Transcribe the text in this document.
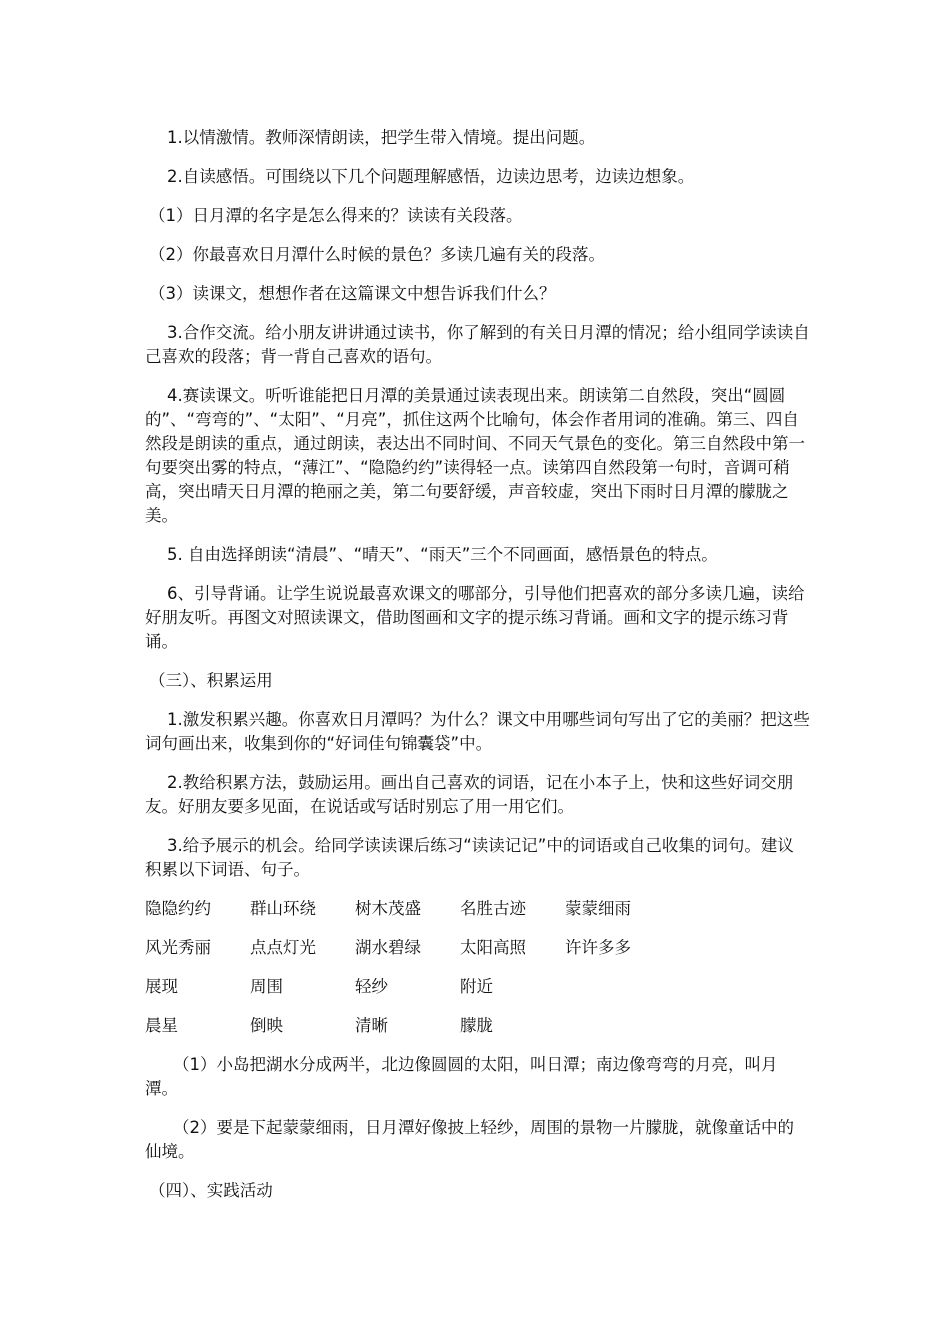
1.以情激情。教师深情朗读，把学生带入情境。提出问题。

2.自读感悟。可围绕以下几个问题理解感悟，边读边思考，边读边想象。

（1）日月潭的名字是怎么得来的？读读有关段落。

（2）你最喜欢日月潭什么时候的景色？多读几遍有关的段落。

（3）读课文，想想作者在这篇课文中想告诉我们什么？

3.合作交流。给小朋友讲讲通过读书，你了解到的有关日月潭的情况；给小组同学读读自己喜欢的段落；背一背自己喜欢的语句。

4.赛读课文。听听谁能把日月潭的美景通过读表现出来。朗读第二自然段，突出“圆圆的”、“弯弯的”、“太阳”、“月亮”，抓住这两个比喻句，体会作者用词的准确。第三、四自然段是朗读的重点，通过朗读，表达出不同时间、不同天气景色的变化。第三自然段中第一句要突出雾的特点，“薄江”、“隐隐约约”读得轻一点。读第四自然段第一句时，音调可稍高，突出晴天日月潭的艳丽之美，第二句要舒缓，声音较虚，突出下雨时日月潭的朦胧之美。

5. 自由选择朗读“清晨”、“晴天”、“雨天”三个不同画面，感悟景色的特点。

6、引导背诵。让学生说说最喜欢课文的哪部分，引导他们把喜欢的部分多读几遍，读给好朋友听。再图文对照读课文，借助图画和文字的提示练习背诵。画和文字的提示练习背诵。

（三）、积累运用

1.激发积累兴趣。你喜欢日月潭吗？为什么？课文中用哪些词句写出了它的美丽？把这些词句画出来，收集到你的“好词佳句锦囊袋”中。

2.教给积累方法，鼓励运用。画出自己喜欢的词语，记在小本子上，快和这些好词交朋友。好朋友要多见面，在说话或写话时别忘了用一用它们。

3.给予展示的机会。给同学读读课后练习“读读记记”中的词语或自己收集的词句。建议积累以下词语、句子。

隐隐约约	群山环绕	树木茂盛	名胜古迹	蒙蒙细雨
风光秀丽	点点灯光	湖水碧绿	太阳高照	许许多多
展现	周围	轻纱	附近
晨星	倒映	清晰	朦胧

（1）小岛把湖水分成两半，北边像圆圆的太阳，叫日潭；南边像弯弯的月亮，叫月潭。

（2）要是下起蒙蒙细雨，日月潭好像披上轻纱，周围的景物一片朦胧，就像童话中的仙境。

（四）、实践活动
